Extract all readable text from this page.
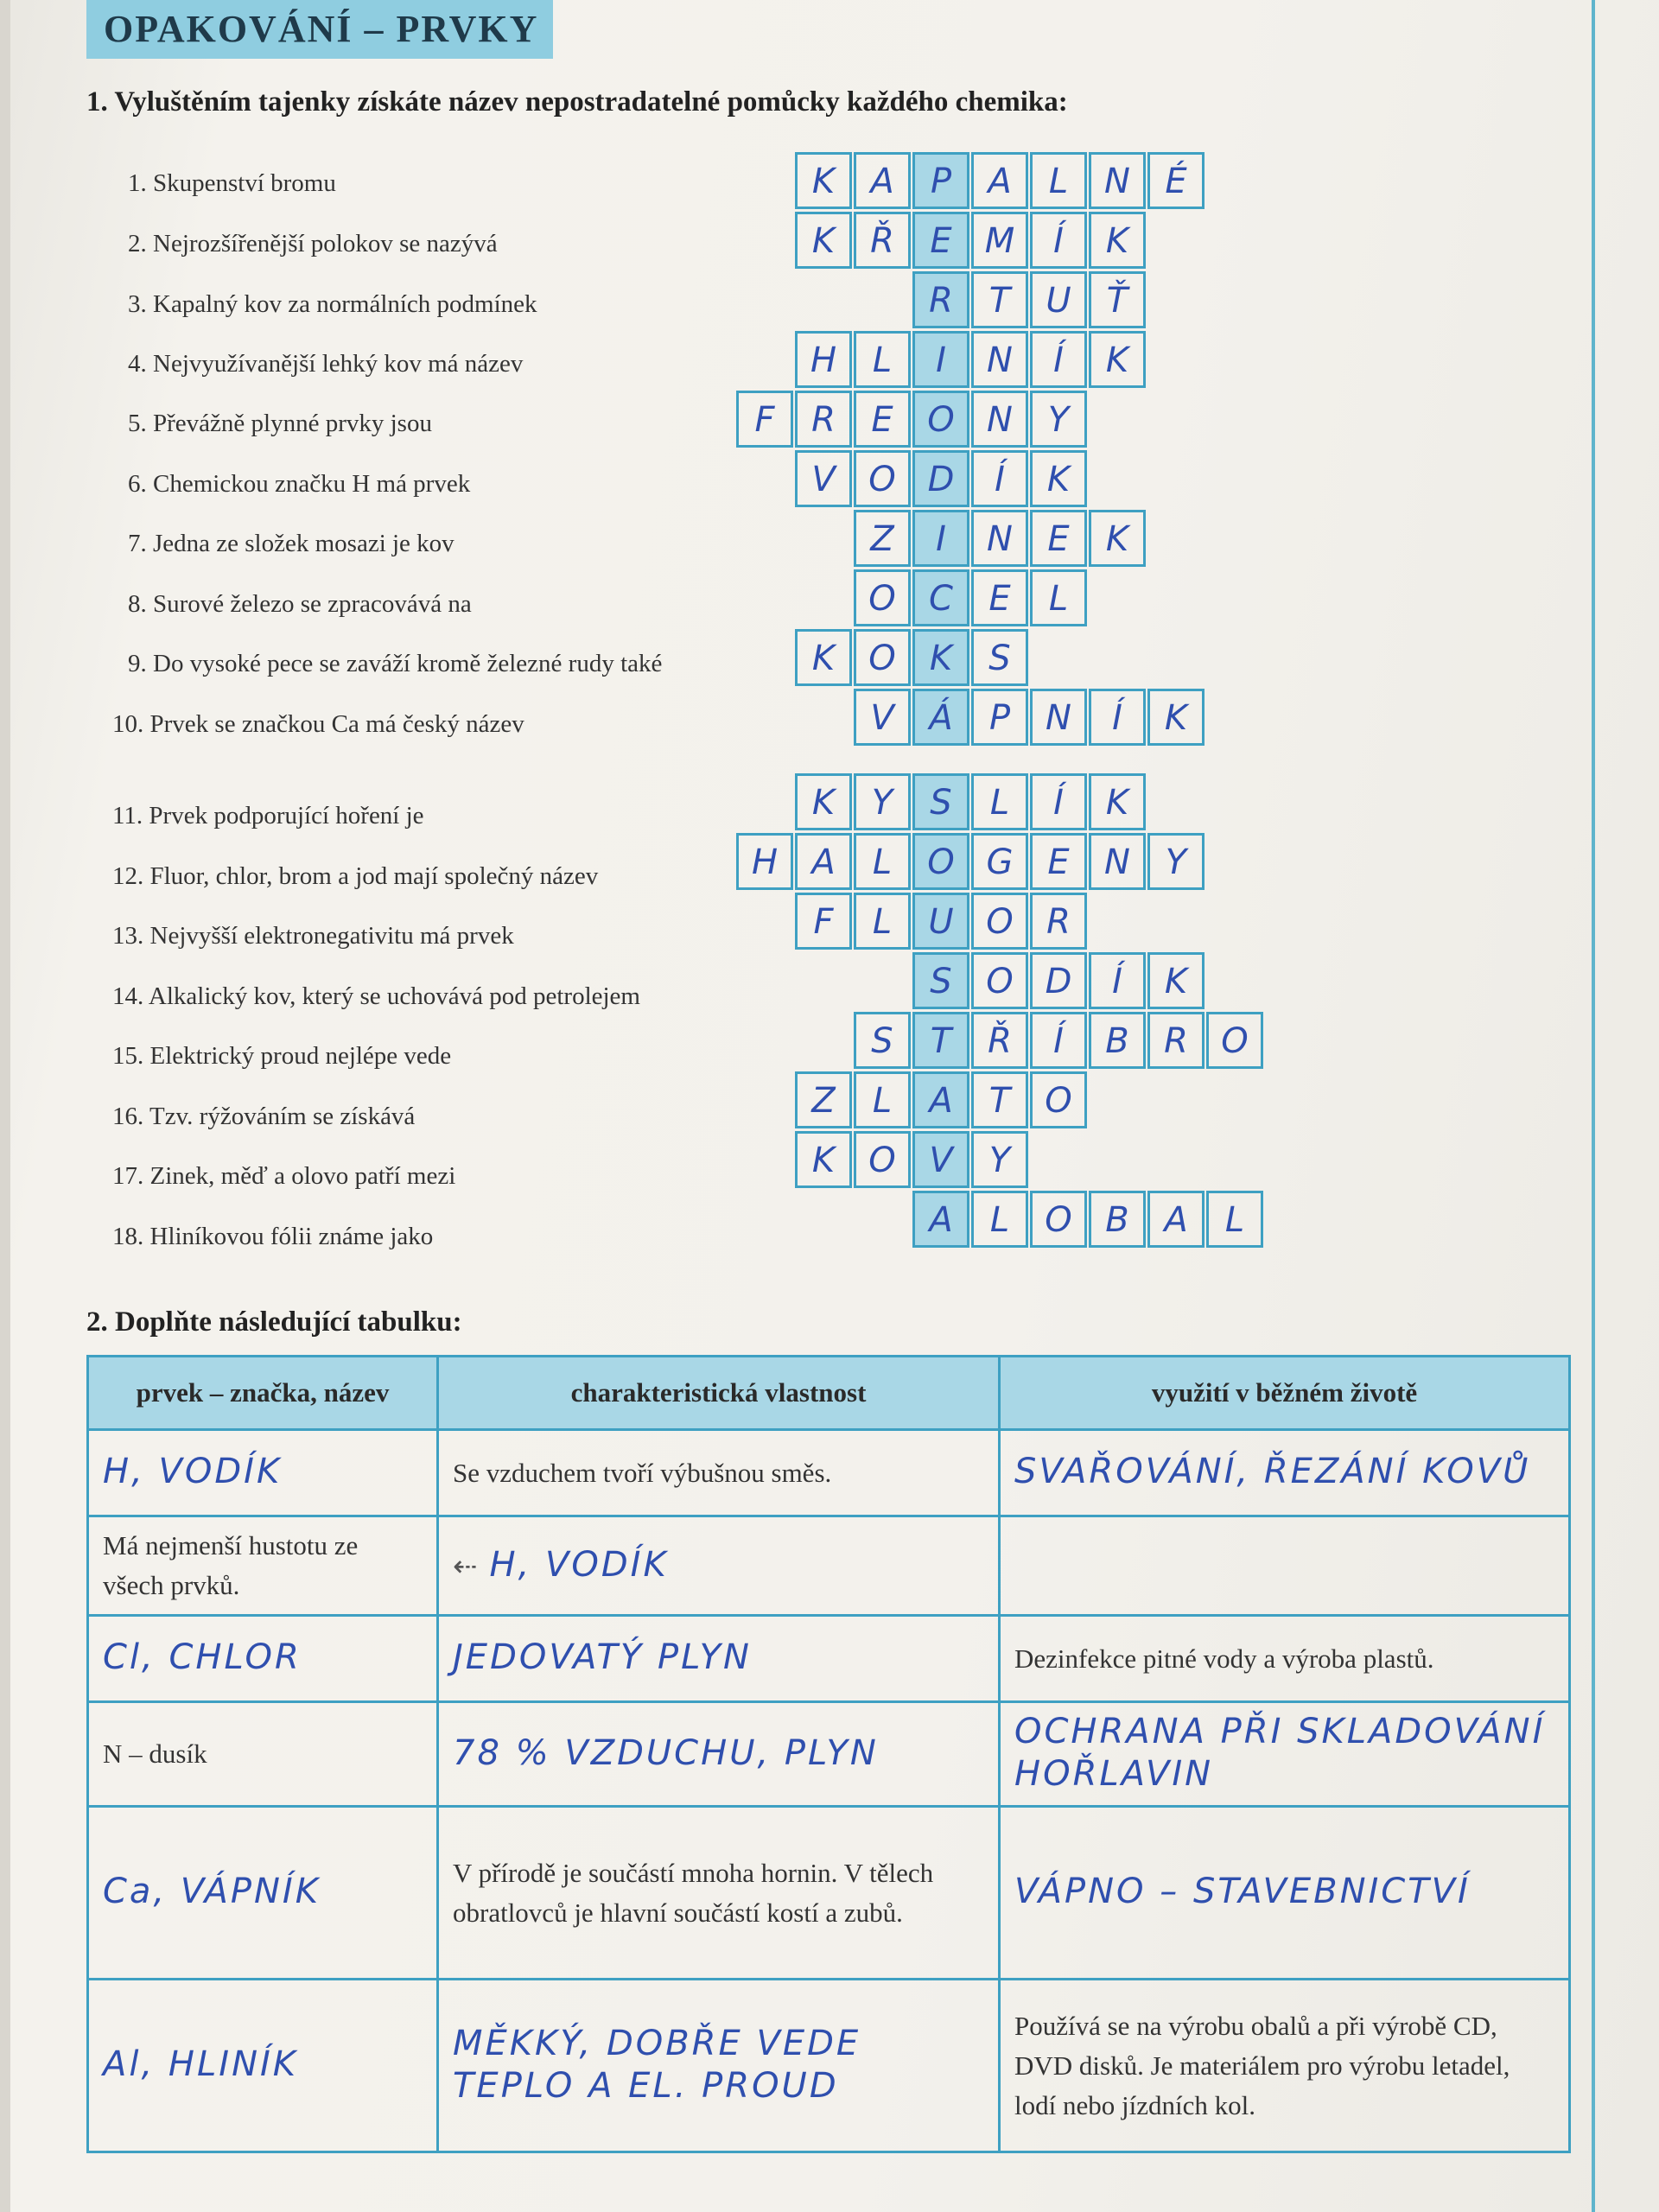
OPAKOVÁNÍ – PRVKY
1. Vyluštěním tajenky získáte název nepostradatelné pomůcky každého chemika:
1. Skupenství bromu
2. Nejrozšířenější polokov se nazývá
3. Kapalný kov za normálních podmínek
4. Nejvyužívanější lehký kov má název
5. Převážně plynné prvky jsou
6. Chemickou značku H má prvek
7. Jedna ze složek mosazi je kov
8. Surové železo se zpracovává na
9. Do vysoké pece se zaváží kromě železné rudy také
10. Prvek se značkou Ca má český název
11. Prvek podporující hoření je
12. Fluor, chlor, brom a jod mají společný název
13. Nejvyšší elektronegativitu má prvek
14. Alkalický kov, který se uchovává pod petrolejem
15. Elektrický proud nejlépe vede
16. Tzv. rýžováním se získává
17. Zinek, měď a olovo patří mezi
18. Hliníkovou fólii známe jako
K	A	P	A	L	N	É
K	Ř	E M	Í	K
R	T	U	Ť
H	L	I	N	Í	K
F	R	E O N	Y
V O D	Í	K
Z	I	N	E	K
O C	E	L
K O K	S
V	Á	P	N	Í	K
K	Y	S	L	Í	K
H A	L	O G E	N	Y
F	L	U O R
S O D	Í	K
S	T	Ř	Í	B	R O
Z	L	A	T	O
K O V	Y
A	L	O B	A	L
2. Doplňte následující tabulku:
prvek – značka, název	charakteristická vlastnost	využití v běžném životě
H, VODÍK	Se vzduchem tvoří výbušnou směs.	SVAŘOVÁNÍ, ŘEZÁNÍ KOVŮ
Má nejmenší hustotu ze všech prvků.	⇠ H, VODÍK	
Cl, CHLOR	JEDOVATÝ PLYN	Dezinfekce pitné vody a výroba plastů.
N – dusík	78 % VZDUCHU, PLYN	OCHRANA PŘI SKLADOVÁNÍ HOŘLAVIN
Ca, VÁPNÍK	V přírodě je součástí mnoha hornin. V tělech obratlovců je hlavní součástí kostí a zubů.	VÁPNO – STAVEBNICTVÍ
Al, HLINÍK	MĚKKÝ, DOBŘE VEDE TEPLO A EL. PROUD	Používá se na výrobu obalů a při výrobě CD, DVD disků. Je materiálem pro výrobu letadel, lodí nebo jízdních kol.
